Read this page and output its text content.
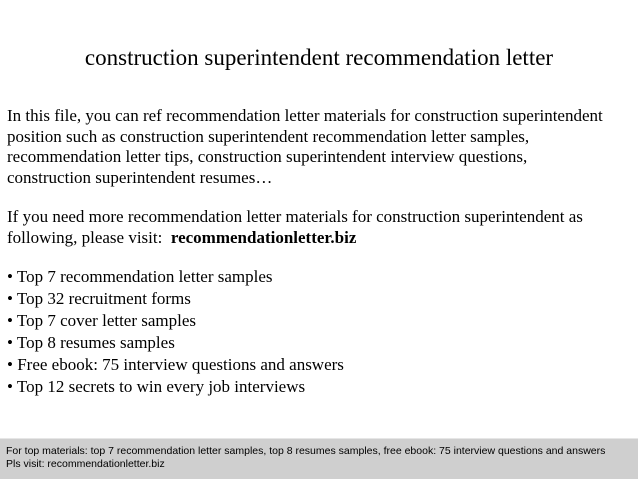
construction superintendent recommendation letter
In this file, you can ref recommendation letter materials for construction superintendent
position such as construction superintendent recommendation letter samples,
recommendation letter tips, construction superintendent interview questions,
construction superintendent resumes…
If you need more recommendation letter materials for construction superintendent as
following, please visit:  recommendationletter.biz
• Top 7 recommendation letter samples
• Top 32 recruitment forms
• Top 7 cover letter samples
• Top 8 resumes samples
• Free ebook: 75 interview questions and answers
• Top 12 secrets to win every job interviews
For top materials: top 7 recommendation letter samples, top 8 resumes samples, free ebook: 75 interview questions and answers
Pls visit: recommendationletter.biz
